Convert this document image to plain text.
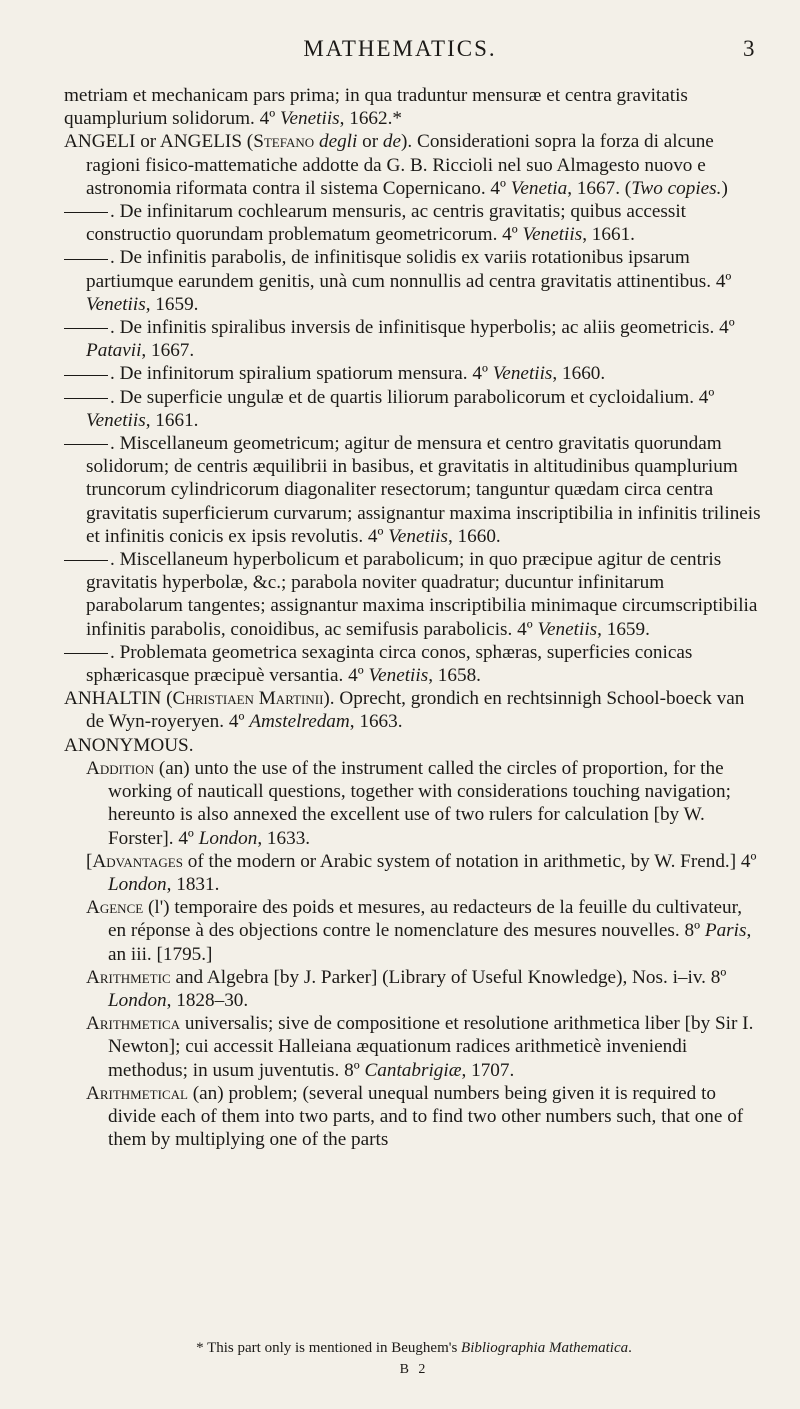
MATHEMATICS.	3

metriam et mechanicam pars prima; in qua traduntur mensuræ et centra gravitatis quamplurium solidorum. 4º Venetiis, 1662.*

ANGELI or ANGELIS (Stefano degli or de). Considerationi sopra la forza di alcune ragioni fisico-mattematiche addotte da G. B. Riccioli nel suo Almagesto nuovo e astronomia riformata contra il sistema Copernicano. 4º Venetia, 1667. (Two copies.)

. De infinitarum cochlearum mensuris, ac centris gravitatis; quibus accessit constructio quorundam problematum geometricorum. 4º Venetiis, 1661.

. De infinitis parabolis, de infinitisque solidis ex variis rotationibus ipsarum partiumque earundem genitis, unà cum nonnullis ad centra gravitatis attinentibus. 4º Venetiis, 1659.

. De infinitis spiralibus inversis de infinitisque hyperbolis; ac aliis geometricis. 4º Patavii, 1667.

. De infinitorum spiralium spatiorum mensura. 4º Venetiis, 1660.

. De superficie ungulæ et de quartis liliorum parabolicorum et cycloidalium. 4º Venetiis, 1661.

. Miscellaneum geometricum; agitur de mensura et centro gravitatis quorundam solidorum; de centris æquilibrii in basibus, et gravitatis in altitudinibus quamplurium truncorum cylindricorum diagonaliter resectorum; tanguntur quædam circa centra gravitatis superficierum curvarum; assignantur maxima inscriptibilia in infinitis trilineis et infinitis conicis ex ipsis revolutis. 4º Venetiis, 1660.

. Miscellaneum hyperbolicum et parabolicum; in quo præcipue agitur de centris gravitatis hyperbolæ, &c.; parabola noviter quadratur; ducuntur infinitarum parabolarum tangentes; assignantur maxima inscriptibilia minimaque circumscriptibilia infinitis parabolis, conoidibus, ac semifusis parabolicis. 4º Venetiis, 1659.

. Problemata geometrica sexaginta circa conos, sphæras, superficies conicas sphæricasque præcipuè versantia. 4º Venetiis, 1658.

ANHALTIN (Christiaen Martinii). Oprecht, grondich en rechtsinnigh School-boeck van de Wyn-royeryen. 4º Amstelredam, 1663.

ANONYMOUS.

Addition (an) unto the use of the instrument called the circles of proportion, for the working of nauticall questions, together with considerations touching navigation; hereunto is also annexed the excellent use of two rulers for calculation [by W. Forster]. 4º London, 1633.

[Advantages of the modern or Arabic system of notation in arithmetic, by W. Frend.] 4º London, 1831.

Agence (l') temporaire des poids et mesures, au redacteurs de la feuille du cultivateur, en réponse à des objections contre le nomenclature des mesures nouvelles. 8º Paris, an iii. [1795.]

Arithmetic and Algebra [by J. Parker] (Library of Useful Knowledge), Nos. i–iv. 8º London, 1828–30.

Arithmetica universalis; sive de compositione et resolutione arithmetica liber [by Sir I. Newton]; cui accessit Halleiana æquationum radices arithmeticè inveniendi methodus; in usum juventutis. 8º Cantabrigiæ, 1707.

Arithmetical (an) problem; (several unequal numbers being given it is required to divide each of them into two parts, and to find two other numbers such, that one of them by multiplying one of the parts

* This part only is mentioned in Beughem's Bibliographia Mathematica.
B 2
